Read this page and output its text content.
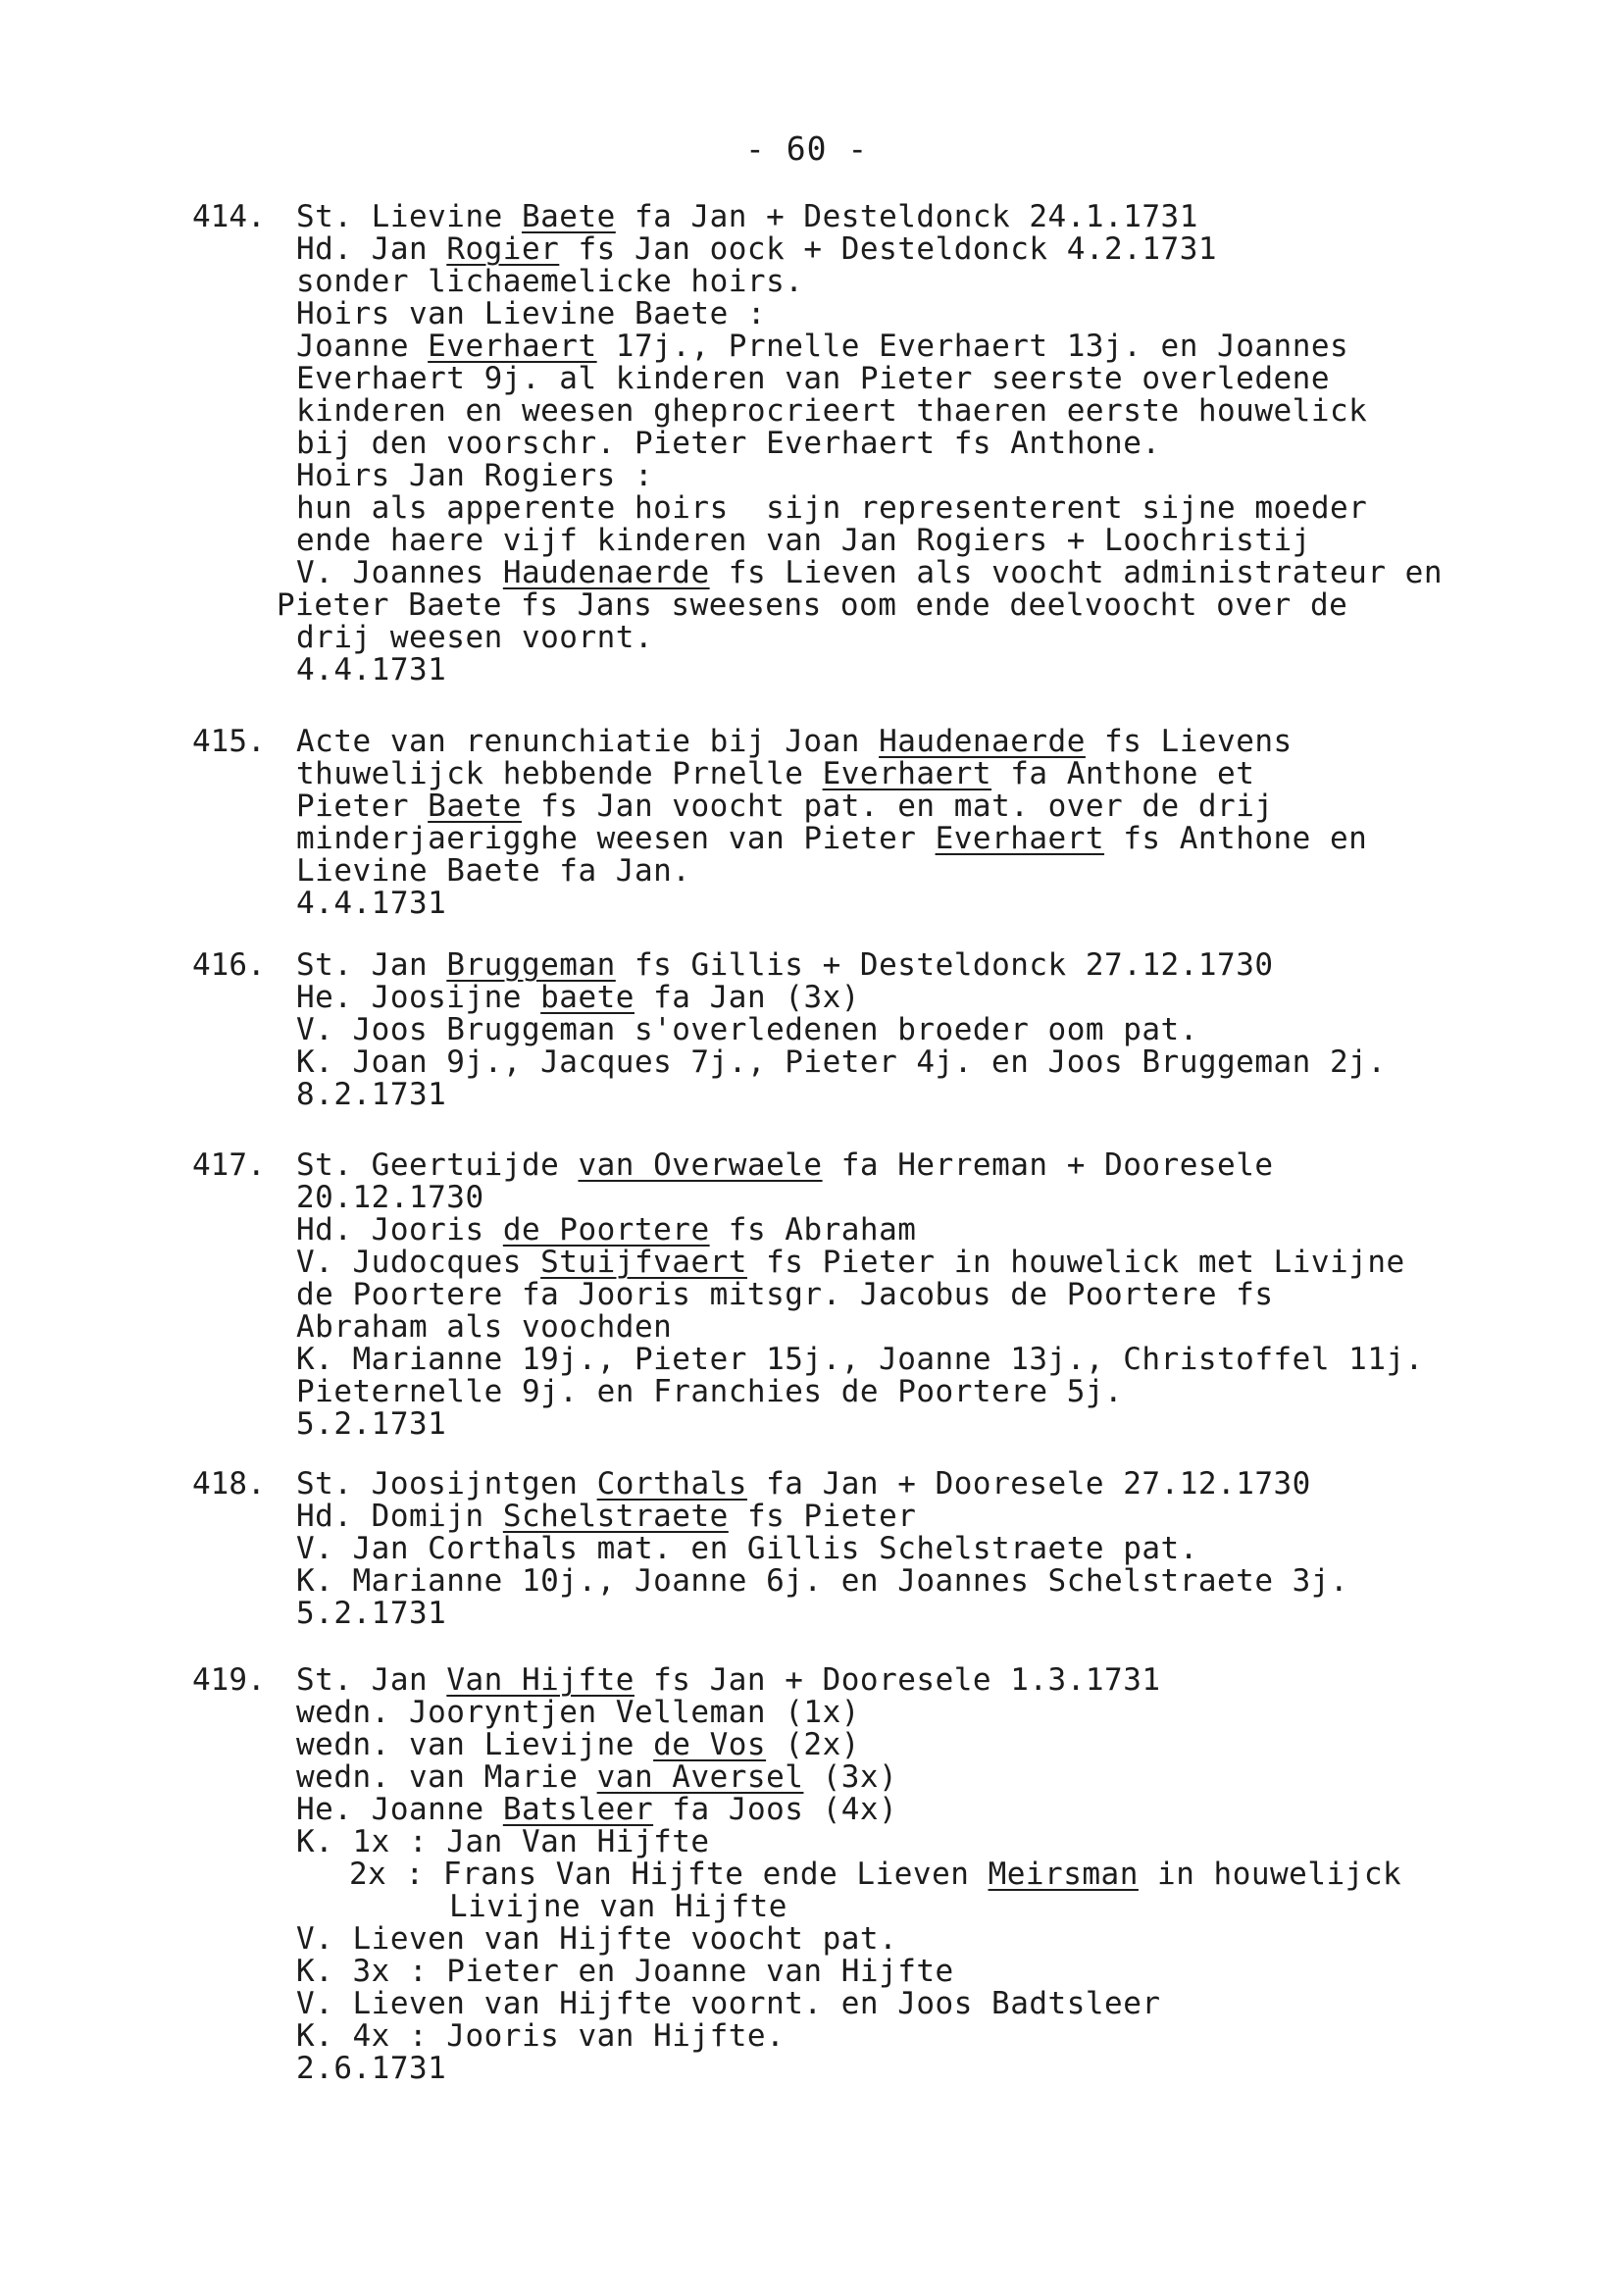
- 60 -
414. St. Lievine Baete fa Jan + Desteldonck 24.1.1731
Hd. Jan Rogier fs Jan oock + Desteldonck 4.2.1731
sonder lichaemelicke hoirs.
Hoirs van Lievine Baete :
Joanne Everhaert 17j., Prnelle Everhaert 13j. en Joannes
Everhaert 9j. al kinderen van Pieter seerste overledene
kinderen en weesen gheprocrieert thaeren eerste houwelick
bij den voorschr. Pieter Everhaert fs Anthone.
Hoirs Jan Rogiers :
hun als apperente hoirs  sijn representerent sijne moeder
ende haere vijf kinderen van Jan Rogiers + Loochristij
V. Joannes Haudenaerde fs Lieven als voocht administrateur en
Pieter Baete fs Jans sweesens oom ende deelvoocht over de
drij weesen voornt.
4.4.1731
415. Acte van renunchiatie bij Joan Haudenaerde fs Lievens
thuwelijck hebbende Prnelle Everhaert fa Anthone et
Pieter Baete fs Jan voocht pat. en mat. over de drij
minderjaerigghe weesen van Pieter Everhaert fs Anthone en
Lievine Baete fa Jan.
4.4.1731
416. St. Jan Bruggeman fs Gillis + Desteldonck 27.12.1730
He. Joosijne baete fa Jan (3x)
V. Joos Bruggeman s'overledenen broeder oom pat.
K. Joan 9j., Jacques 7j., Pieter 4j. en Joos Bruggeman 2j.
8.2.1731
417. St. Geertuijde van Overwaele fa Herreman + Dooresele
20.12.1730
Hd. Jooris de Poortere fs Abraham
V. Judocques Stuijfvaert fs Pieter in houwelick met Livijne
de Poortere fa Jooris mitsgr. Jacobus de Poortere fs
Abraham als voochden
K. Marianne 19j., Pieter 15j., Joanne 13j., Christoffel 11j.
Pieternelle 9j. en Franchies de Poortere 5j.
5.2.1731
418. St. Joosijntgen Corthals fa Jan + Dooresele 27.12.1730
Hd. Domijn Schelstraete fs Pieter
V. Jan Corthals mat. en Gillis Schelstraete pat.
K. Marianne 10j., Joanne 6j. en Joannes Schelstraete 3j.
5.2.1731
419. St. Jan Van Hijfte fs Jan + Dooresele 1.3.1731
wedn. Jooryntjen Velleman (1x)
wedn. van Lievijne de Vos (2x)
wedn. van Marie van Aversel (3x)
He. Joanne Batsleer fa Joos (4x)
K. 1x : Jan Van Hijfte
2x : Frans Van Hijfte ende Lieven Meirsman in houwelijck
Livijne van Hijfte
V. Lieven van Hijfte voocht pat.
K. 3x : Pieter en Joanne van Hijfte
V. Lieven van Hijfte voornt. en Joos Badtsleer
K. 4x : Jooris van Hijfte.
2.6.1731
